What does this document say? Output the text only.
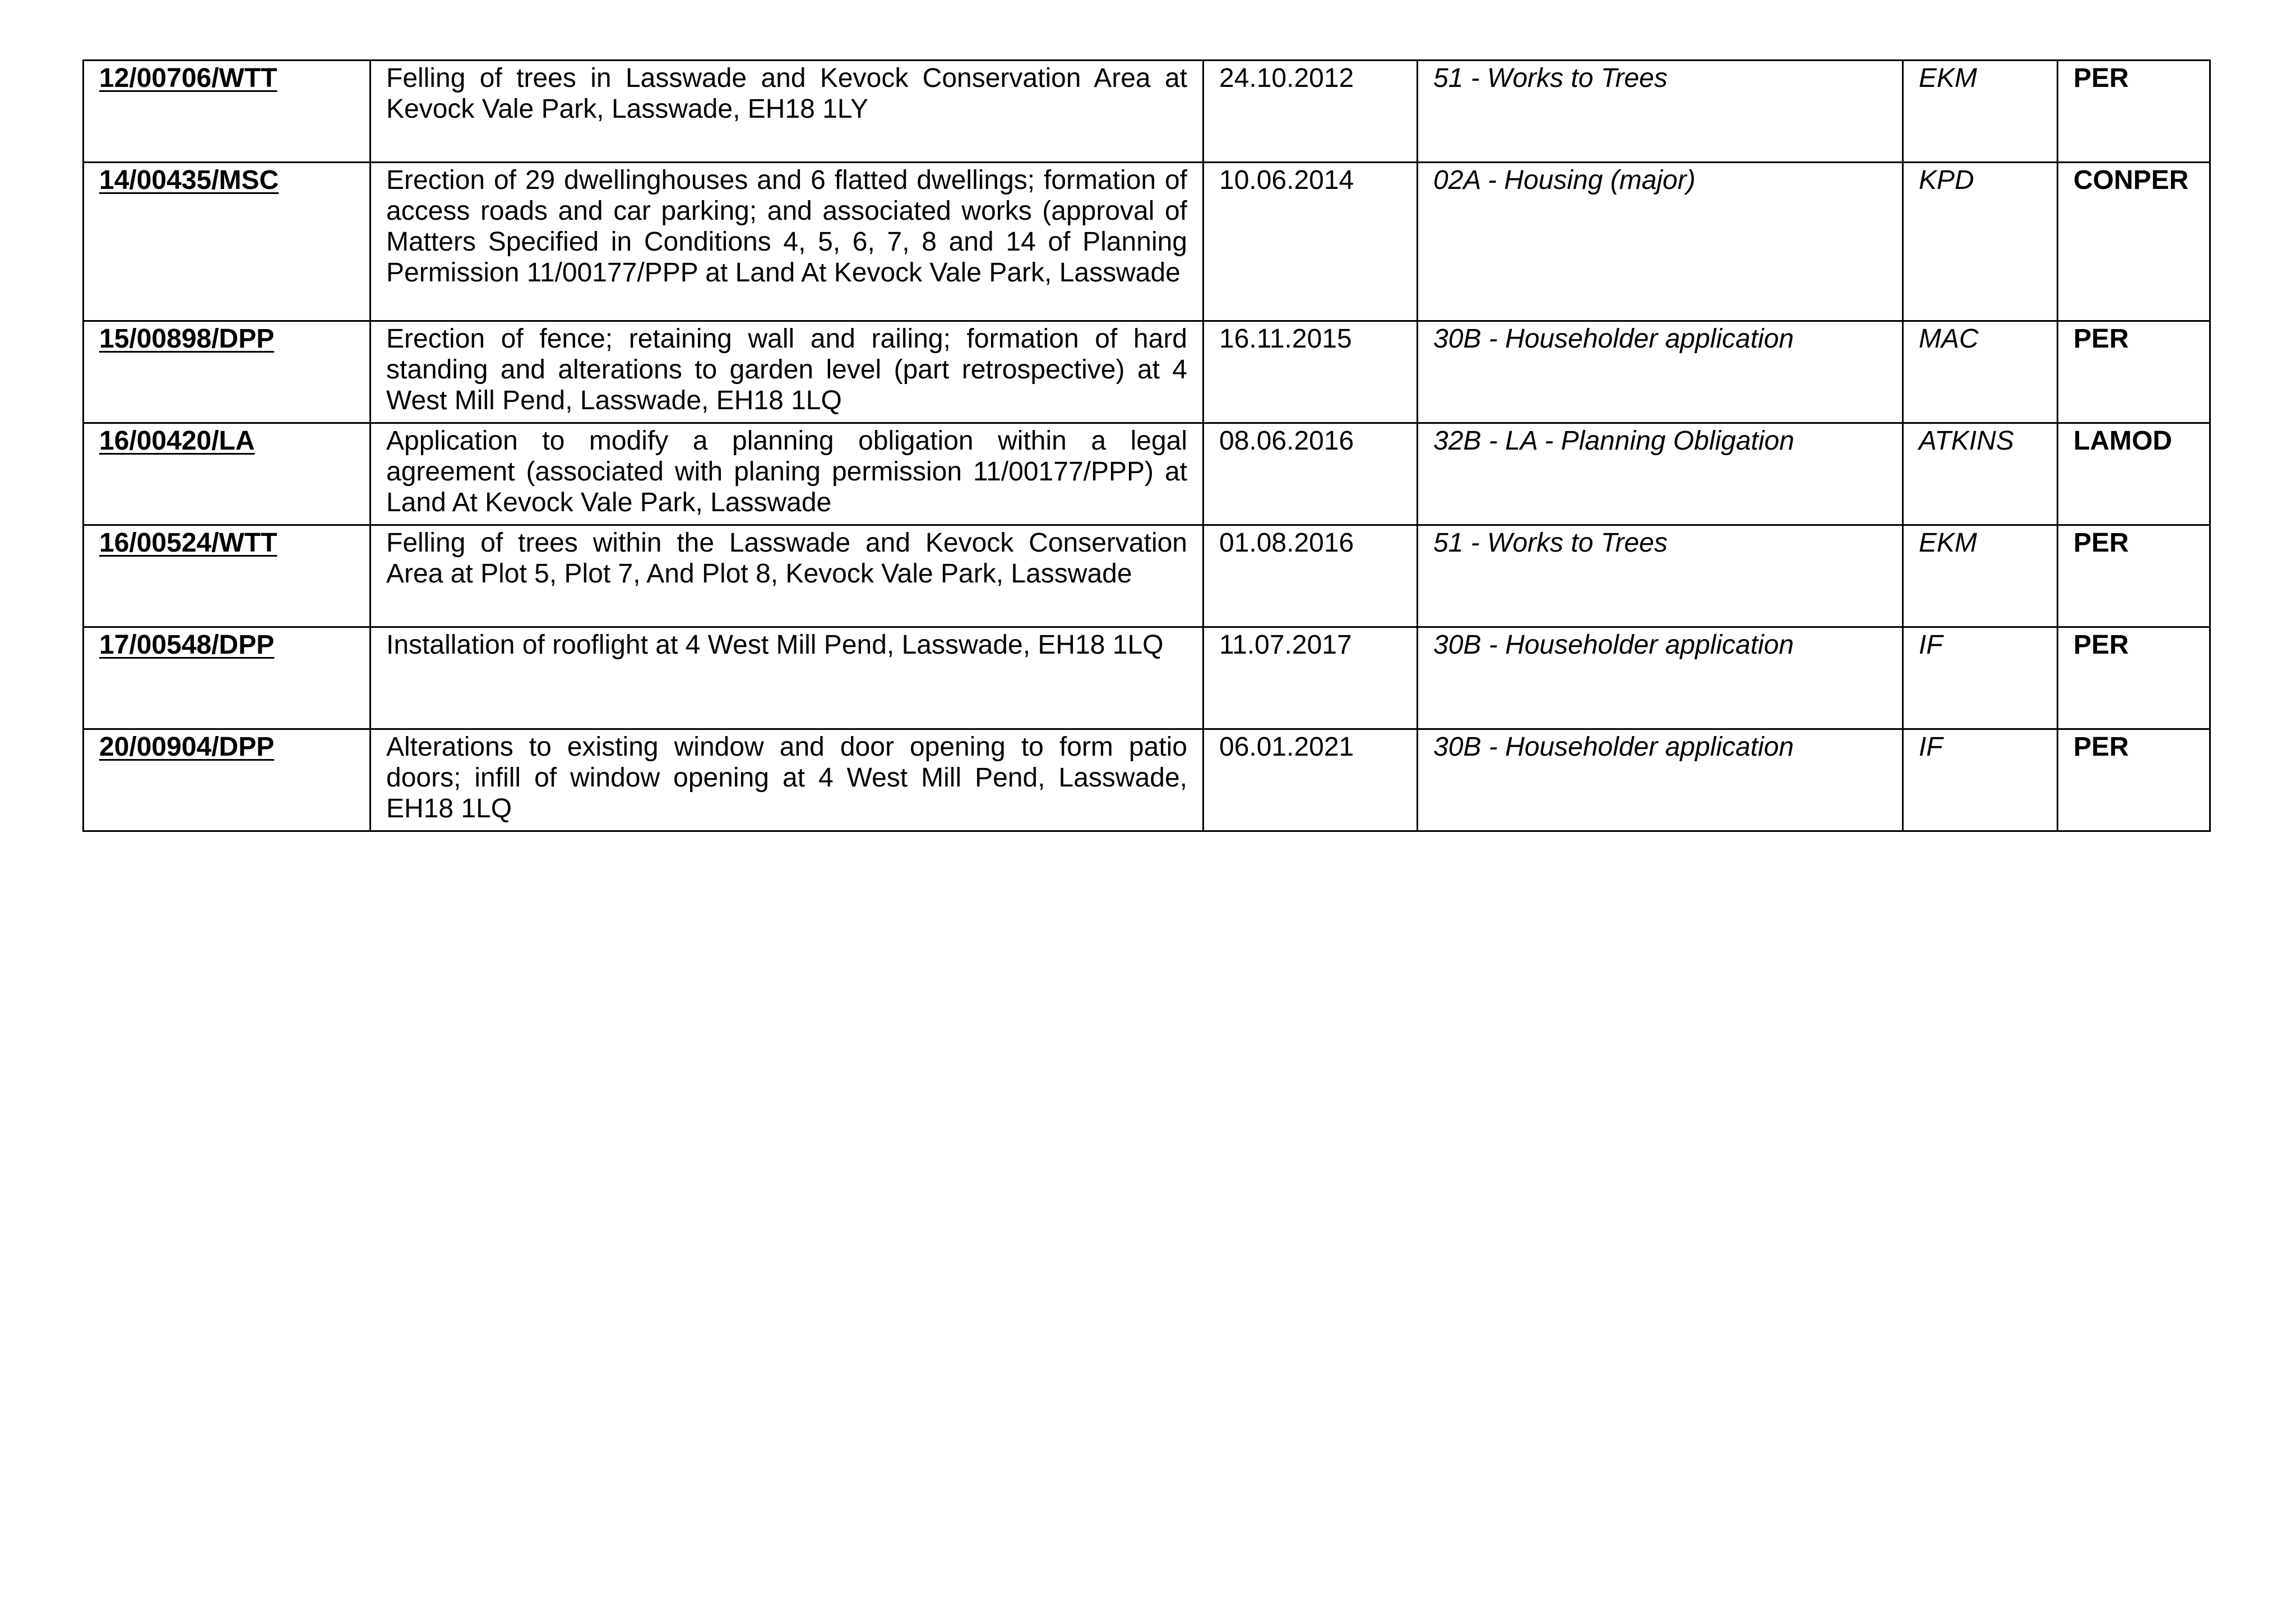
12/00706/WTT	Felling of trees in Lasswade and Kevock Conservation Area at Kevock Vale Park, Lasswade, EH18 1LY	24.10.2012	51 - Works to Trees	EKM	PER
14/00435/MSC	Erection of 29 dwellinghouses and 6 flatted dwellings; formation of access roads and car parking; and associated works (approval of Matters Specified in Conditions 4, 5, 6, 7, 8 and 14 of Planning Permission 11/00177/PPP at Land At Kevock Vale Park, Lasswade	10.06.2014	02A - Housing (major)	KPD	CONPER
15/00898/DPP	Erection of fence; retaining wall and railing; formation of hard standing and alterations to garden level (part retrospective) at 4 West Mill Pend, Lasswade, EH18 1LQ	16.11.2015	30B - Householder application	MAC	PER
16/00420/LA	Application to modify a planning obligation within a legal agreement (associated with planing permission 11/00177/PPP) at Land At Kevock Vale Park, Lasswade	08.06.2016	32B - LA - Planning Obligation	ATKINS	LAMOD
16/00524/WTT	Felling of trees within the Lasswade and Kevock Conservation Area at Plot 5, Plot 7, And Plot 8, Kevock Vale Park, Lasswade	01.08.2016	51 - Works to Trees	EKM	PER
17/00548/DPP	Installation of rooflight at 4 West Mill Pend, Lasswade, EH18 1LQ	11.07.2017	30B - Householder application	IF	PER
20/00904/DPP	Alterations to existing window and door opening to form patio doors; infill of window opening at 4 West Mill Pend, Lasswade, EH18 1LQ	06.01.2021	30B - Householder application	IF	PER
